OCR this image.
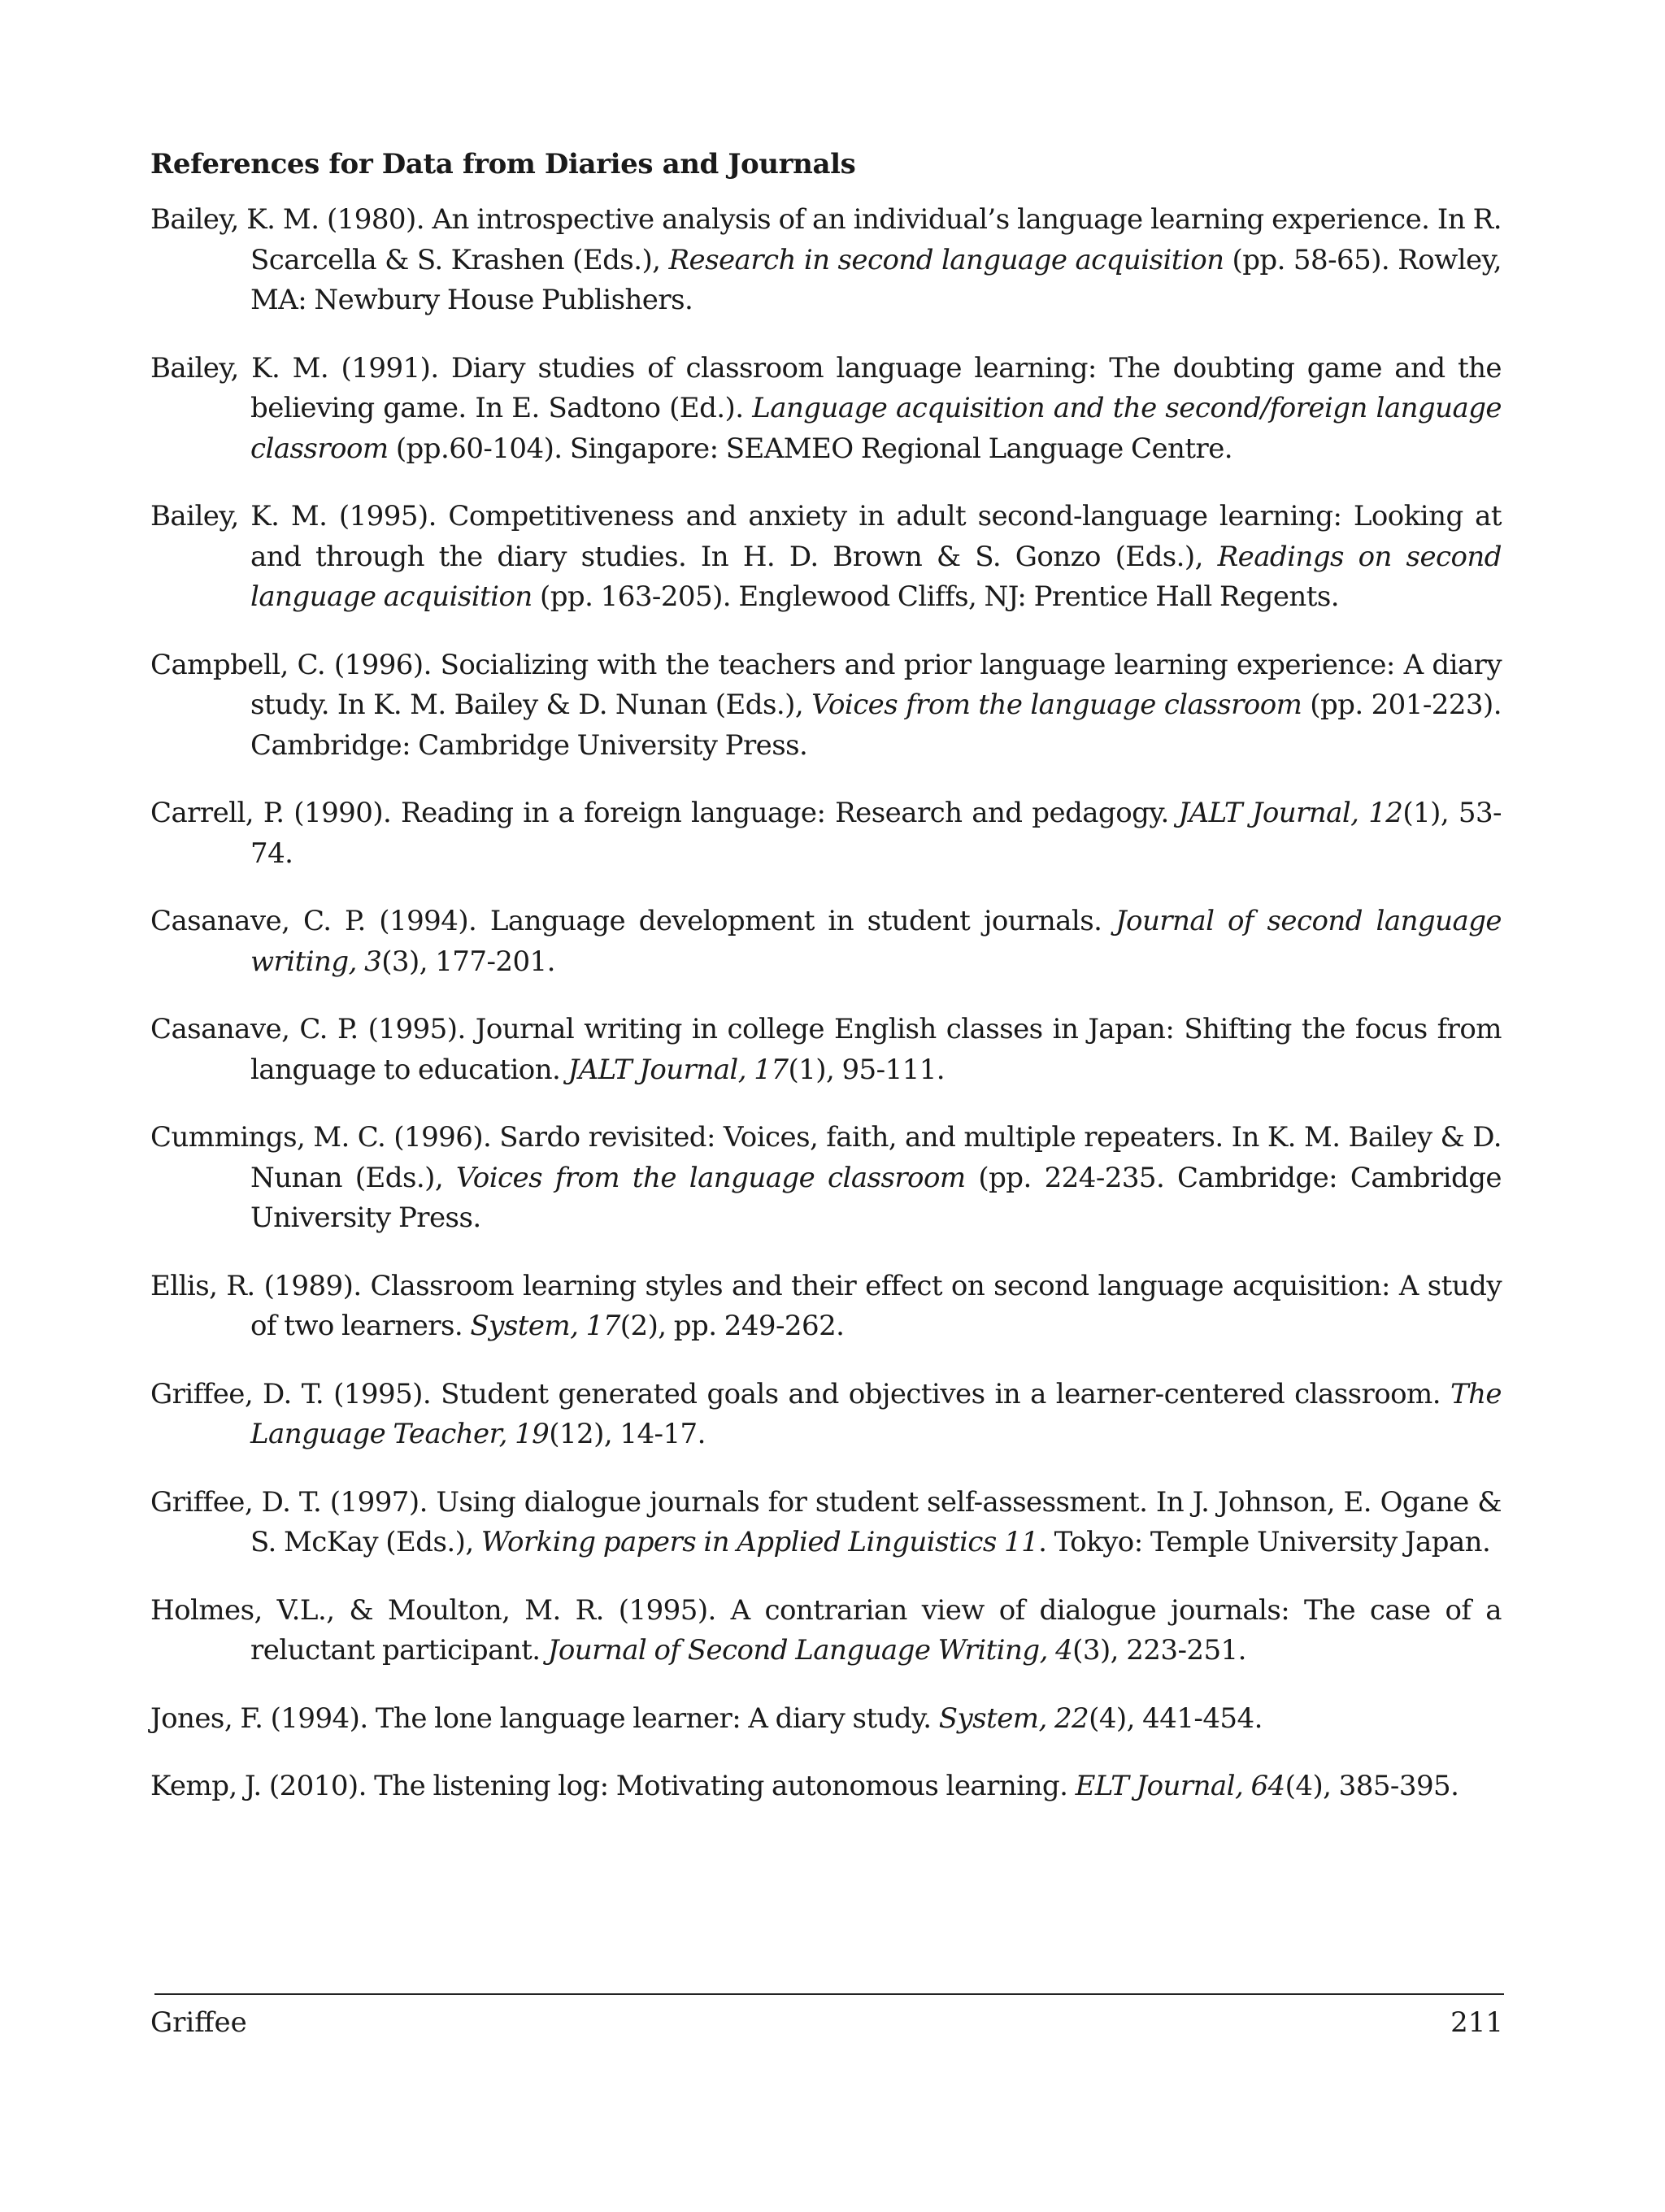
References for Data from Diaries and Journals
Bailey, K. M. (1980). An introspective analysis of an individual’s language learning experience. In R. Scarcella & S. Krashen (Eds.), Research in second language acquisition (pp. 58-65). Rowley, MA: Newbury House Publishers.
Bailey, K. M. (1991). Diary studies of classroom language learning: The doubting game and the believing game. In E. Sadtono (Ed.). Language acquisition and the second/foreign language classroom (pp.60-104). Singapore: SEAMEO Regional Language Centre.
Bailey, K. M. (1995). Competitiveness and anxiety in adult second-language learning: Looking at and through the diary studies. In H. D. Brown & S. Gonzo (Eds.), Readings on second language acquisition (pp. 163-205). Englewood Cliffs, NJ: Prentice Hall Regents.
Campbell, C. (1996). Socializing with the teachers and prior language learning experience: A diary study. In K. M. Bailey & D. Nunan (Eds.), Voices from the language classroom (pp. 201-223). Cambridge: Cambridge University Press.
Carrell, P. (1990). Reading in a foreign language: Research and pedagogy. JALT Journal, 12(1), 53-74.
Casanave, C. P. (1994). Language development in student journals. Journal of second language writing, 3(3), 177-201.
Casanave, C. P. (1995). Journal writing in college English classes in Japan: Shifting the focus from language to education. JALT Journal, 17(1), 95-111.
Cummings, M. C. (1996). Sardo revisited: Voices, faith, and multiple repeaters. In K. M. Bailey & D. Nunan (Eds.), Voices from the language classroom (pp. 224-235. Cambridge: Cambridge University Press.
Ellis, R. (1989). Classroom learning styles and their effect on second language acquisition: A study of two learners. System, 17(2), pp. 249-262.
Griffee, D. T. (1995). Student generated goals and objectives in a learner-centered classroom. The Language Teacher, 19(12), 14-17.
Griffee, D. T. (1997). Using dialogue journals for student self-assessment. In J. Johnson, E. Ogane & S. McKay (Eds.), Working papers in Applied Linguistics 11. Tokyo: Temple University Japan.
Holmes, V.L., & Moulton, M. R. (1995). A contrarian view of dialogue journals: The case of a reluctant participant. Journal of Second Language Writing, 4(3), 223-251.
Jones, F. (1994). The lone language learner: A diary study. System, 22(4), 441-454.
Kemp, J. (2010). The listening log: Motivating autonomous learning. ELT Journal, 64(4), 385-395.
Griffee	211
